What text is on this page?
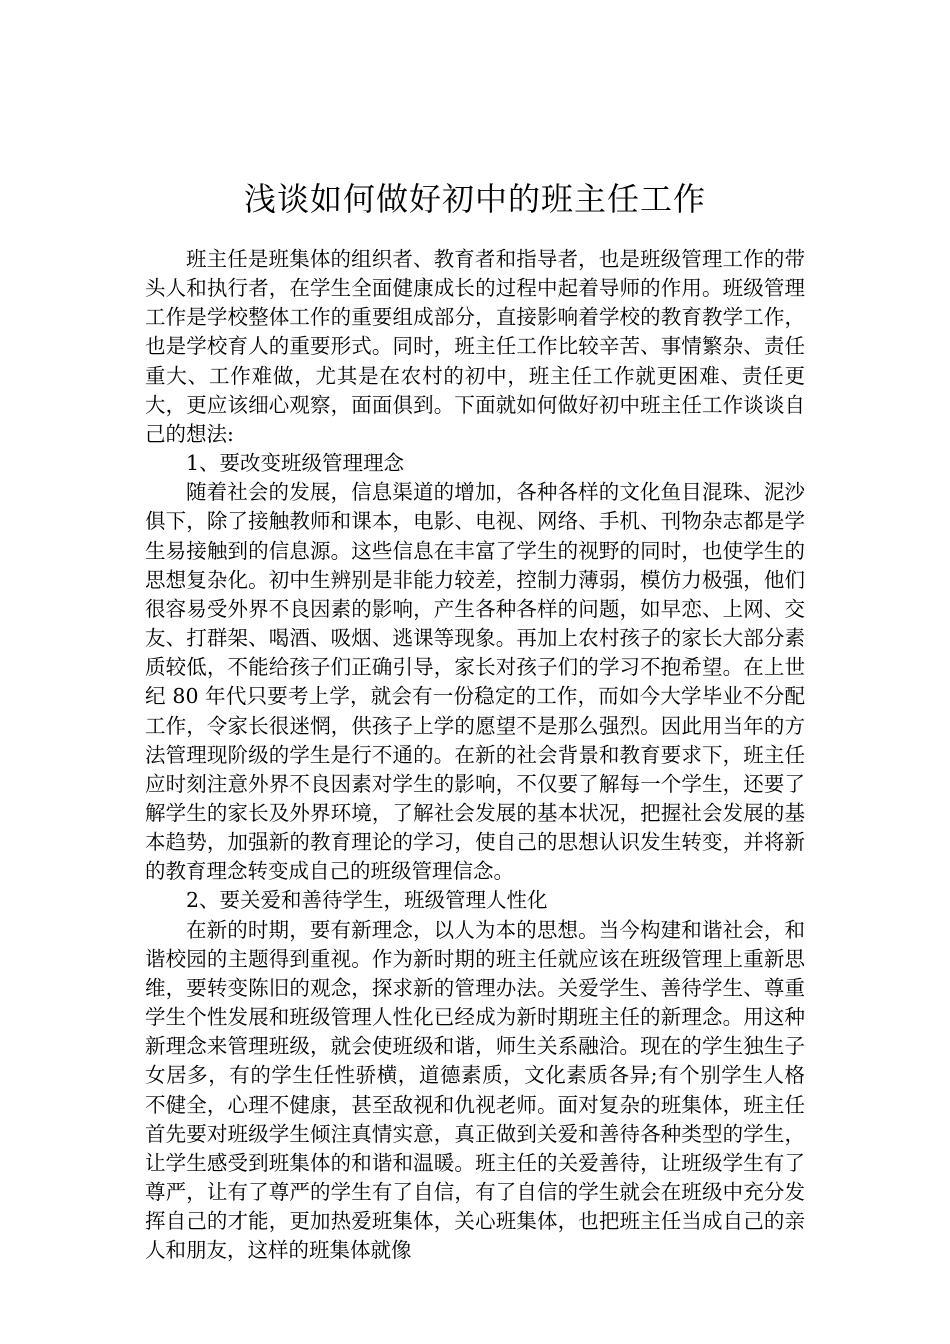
浅谈如何做好初中的班主任工作

班主任是班集体的组织者、教育者和指导者，也是班级管理工作的带头人和执行者，在学生全面健康成长的过程中起着导师的作用。班级管理工作是学校整体工作的重要组成部分，直接影响着学校的教育教学工作，也是学校育人的重要形式。同时，班主任工作比较辛苦、事情繁杂、责任重大、工作难做，尤其是在农村的初中，班主任工作就更困难、责任更大，更应该细心观察，面面俱到。下面就如何做好初中班主任工作谈谈自己的想法:

1、要改变班级管理理念

随着社会的发展，信息渠道的增加，各种各样的文化鱼目混珠、泥沙俱下，除了接触教师和课本，电影、电视、网络、手机、刊物杂志都是学生易接触到的信息源。这些信息在丰富了学生的视野的同时，也使学生的思想复杂化。初中生辨别是非能力较差，控制力薄弱，模仿力极强，他们很容易受外界不良因素的影响，产生各种各样的问题，如早恋、上网、交友、打群架、喝酒、吸烟、逃课等现象。再加上农村孩子的家长大部分素质较低，不能给孩子们正确引导，家长对孩子们的学习不抱希望。在上世纪 80 年代只要考上学，就会有一份稳定的工作，而如今大学毕业不分配工作，令家长很迷惘，供孩子上学的愿望不是那么强烈。因此用当年的方法管理现阶级的学生是行不通的。在新的社会背景和教育要求下，班主任应时刻注意外界不良因素对学生的影响，不仅要了解每一个学生，还要了解学生的家长及外界环境，了解社会发展的基本状况，把握社会发展的基本趋势，加强新的教育理论的学习，使自己的思想认识发生转变，并将新的教育理念转变成自己的班级管理信念。

2、要关爱和善待学生，班级管理人性化

在新的时期，要有新理念，以人为本的思想。当今构建和谐社会，和谐校园的主题得到重视。作为新时期的班主任就应该在班级管理上重新思维，要转变陈旧的观念，探求新的管理办法。关爱学生、善待学生、尊重学生个性发展和班级管理人性化已经成为新时期班主任的新理念。用这种新理念来管理班级，就会使班级和谐，师生关系融洽。现在的学生独生子女居多，有的学生任性骄横，道德素质，文化素质各异;有个别学生人格不健全，心理不健康，甚至敌视和仇视老师。面对复杂的班集体，班主任首先要对班级学生倾注真情实意，真正做到关爱和善待各种类型的学生，让学生感受到班集体的和谐和温暖。班主任的关爱善待，让班级学生有了尊严，让有了尊严的学生有了自信，有了自信的学生就会在班级中充分发挥自己的才能，更加热爱班集体，关心班集体，也把班主任当成自己的亲人和朋友，这样的班集体就像
